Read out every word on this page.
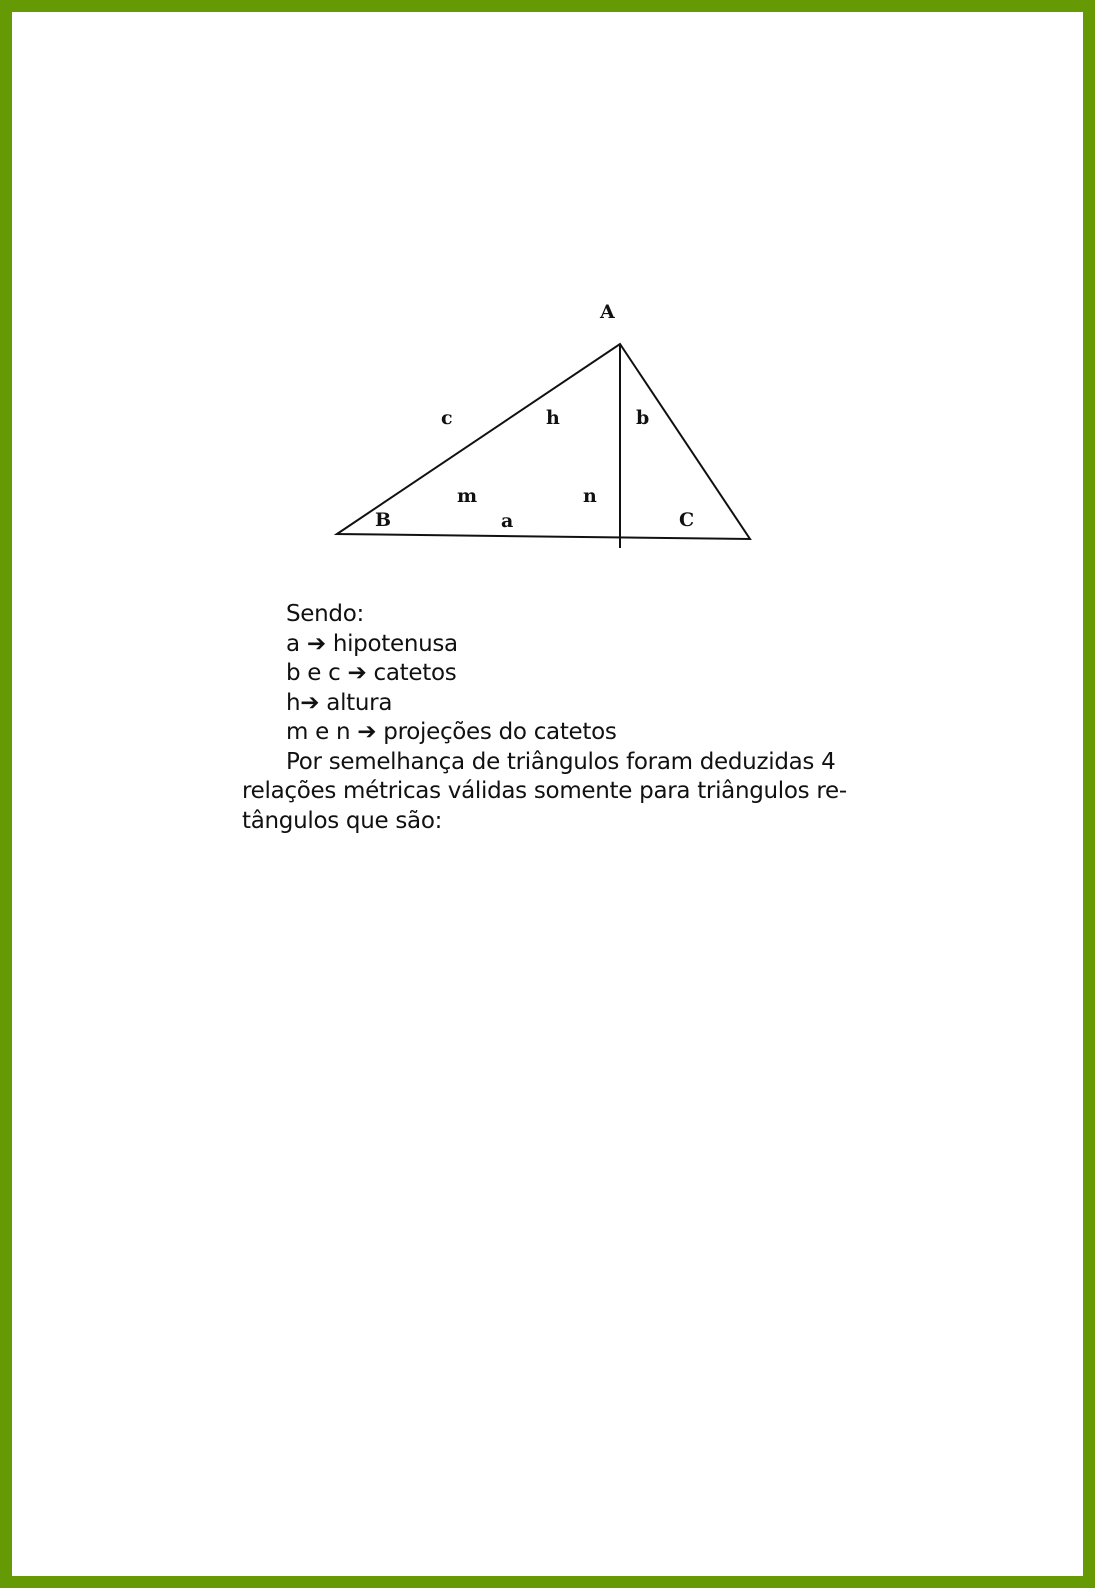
A
c	h	b
m	n
B	a	C
Sendo:
a ➔ hipotenusa
b e c ➔ catetos
h➔ altura
m e n ➔ projeções do catetos
Por semelhança de triângulos foram deduzidas 4
relações métricas válidas somente para triângulos re-
tângulos que são:
